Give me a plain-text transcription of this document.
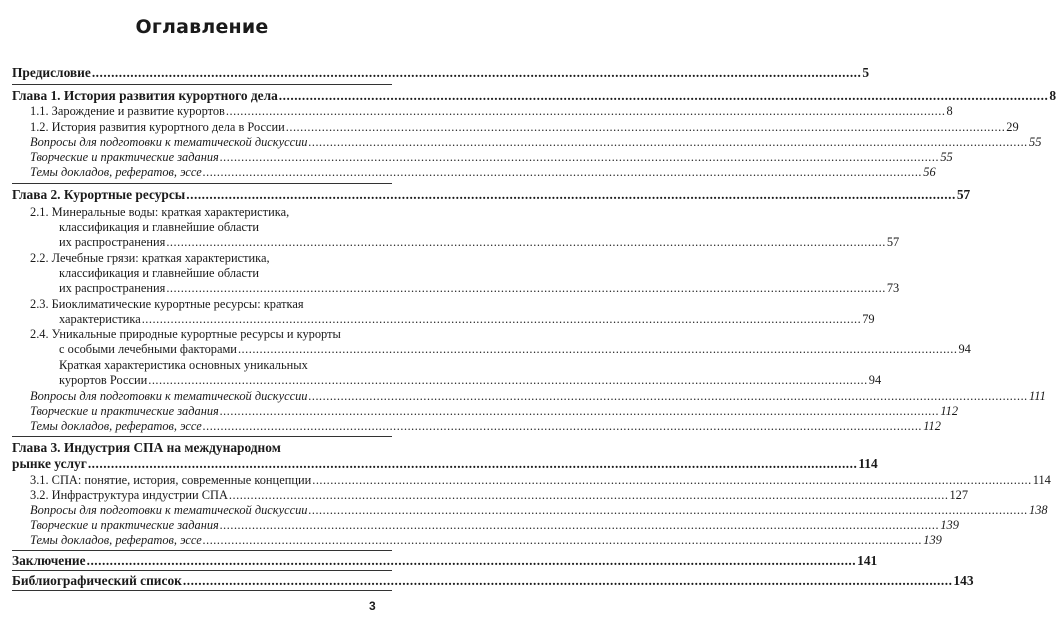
Оглавление
Предисловие ........................................................................................................................................................................................................ 5
Глава 1. История развития курортного дела ........................................................................................................................................................................................................ 8
1.1. Зарождение и развитие курортов ........................................................................................................................................................................................................ 8
1.2. История развития курортного дела в России ........................................................................................................................................................................................................ 29
Вопросы для подготовки к тематической дискуссии ........................................................................................................................................................................................................ 55
Творческие и практические задания ........................................................................................................................................................................................................ 55
Темы докладов, рефератов, эссе ........................................................................................................................................................................................................ 56
Глава 2. Курортные ресурсы ........................................................................................................................................................................................................ 57
2.1. Минеральные воды: краткая характеристика,
классификация и главнейшие области
их распространения ........................................................................................................................................................................................................ 57
2.2. Лечебные грязи: краткая характеристика,
классификация и главнейшие области
их распространения ........................................................................................................................................................................................................ 73
2.3. Биоклиматические курортные ресурсы: краткая
характеристика ........................................................................................................................................................................................................ 79
2.4. Уникальные природные курортные ресурсы и курорты
с особыми лечебными факторами ........................................................................................................................................................................................................ 94
Краткая характеристика основных уникальных
курортов России ........................................................................................................................................................................................................ 94
Вопросы для подготовки к тематической дискуссии ........................................................................................................................................................................................................ 111
Творческие и практические задания ........................................................................................................................................................................................................ 112
Темы докладов, рефератов, эссе ........................................................................................................................................................................................................ 112
Глава 3. Индустрия СПА на международном
рынке услуг ........................................................................................................................................................................................................ 114
3.1. СПА: понятие, история, современные концепции ........................................................................................................................................................................................................ 114
3.2. Инфраструктура индустрии СПА ........................................................................................................................................................................................................ 127
Вопросы для подготовки к тематической дискуссии ........................................................................................................................................................................................................ 138
Творческие и практические задания ........................................................................................................................................................................................................ 139
Темы докладов, рефератов, эссе ........................................................................................................................................................................................................ 139
Заключение ........................................................................................................................................................................................................ 141
Библиографический список ........................................................................................................................................................................................................ 143
3
